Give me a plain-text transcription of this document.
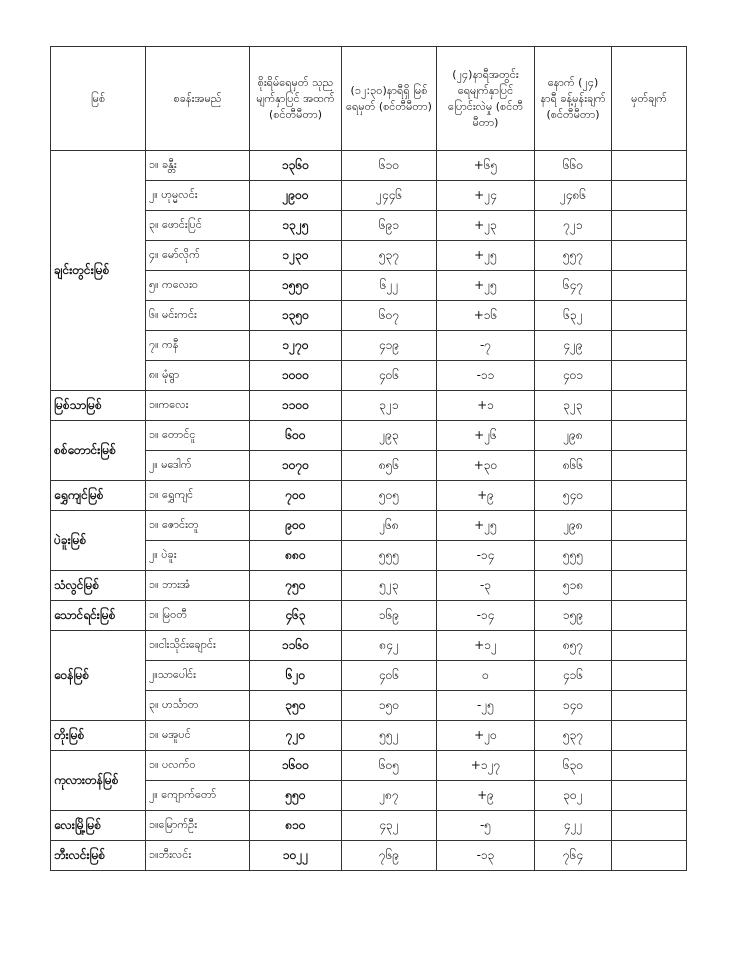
မြစ်	စခန်းအမည်	စိုးရိမ်ရေမှတ် သုညမျက်နှာပြင် အထက် (စင်တီမီတာ)	(၁၂:၃၀)နာရီရှိ မြစ်ရေမှတ် (စင်တီမီတာ)	(၂၄)နာရီအတွင်း ရေမျက်နှာပြင် ပြောင်းလဲမှု (စင်တီမီတာ)	နောက် (၂၄) နာရီ ခန့်မှန်းချက် (စင်တီမီတာ)	မှတ်ချက်
ချင်းတွင်းမြစ်	၁။ ခန္တီး	၁၃၆၀	၆၁၀	+၆၅	၆၆၀	
	၂။ ဟုမ္မလင်း	၂၉၀၀	၂၄၄၆	+၂၄	၂၄၈၆	
	၃။ ဖောင်းပြင်	၁၃၂၅	၆၉၁	+၂၃	၇၂၁	
	၄။ မော်လိုက်	၁၂၃၀	၅၃၇	+၂၅	၅၅၇	
	၅။ ကလေးဝ	၁၅၅၀	၆၂၂	+၂၅	၆၄၇	
	၆။ မင်းကင်း	၁၃၅၀	၆၀၇	+၁၆	၆၃၂	
	၇။ ကနီ	၁၂၇၀	၄၁၉	-၇	၄၂၉	
	၈။ မုံရွာ	၁၀၀၀	၄၀၆	-၁၁	၄၀၁	
မြစ်သာမြစ်	၁။ကလေး	၁၁၀၀	၃၂၁	+၁	၃၂၃	
စစ်တောင်းမြစ်	၁။ တောင်ငူ	၆၀၀	၂၉၃	+၂၆	၂၉၈	
	၂။ မဒေါက်	၁၀၇၀	၈၅၆	+၃၀	၈၆၆	
ရွှေကျင်မြစ်	၁။ ရွှေကျင်	၇၀၀	၅၀၅	+၉	၅၄၀	
ပဲခူးမြစ်	၁။ ဇောင်းတူ	၉၀၀	၂၆၈	+၂၅	၂၉၈	
	၂။ ပဲခူး	၈၈၀	၅၅၅	-၁၄	၅၅၅	
သံလွင်မြစ်	၁။ ဘားအံ	၇၅၀	၅၂၃	-၃	၅၁၈	
သောင်ရင်းမြစ်	၁။ မြဝတီ	၄၆၃	၁၆၉	-၁၄	၁၅၉	
ဝေန်မြစ်	၁။ငါးသိုင်းချောင်း	၁၁၆၀	၈၄၂	+၁၂	၈၅၇	
	၂။သာပေါင်း	၆၂၀	၄၀၆	၀	၄၁၆	
	၃။ ဟင်္သာတ	၃၅၀	၁၅၀	-၂၅	၁၄၀	
တိုးမြစ်	၁။ မအူပင်	၇၂၀	၅၅၂	+၂၀	၅၃၇	
ကုလားတန်မြစ်	၁။ ပလက်ဝ	၁၆၀၀	၆၀၅	+၁၂၇	၆၃၀	
	၂။ ကျောက်တော်	၅၅၀	၂၈၇	+၉	၃၀၂	
လေးမြို့မြစ်	၁။မြောက်ဦး	၈၁၀	၄၃၂	-၅	၄၂၂	
ဘီးလင်းမြစ်	၁။ဘီးလင်း	၁၀၂၂	၇၆၉	-၁၃	၇၆၄	
